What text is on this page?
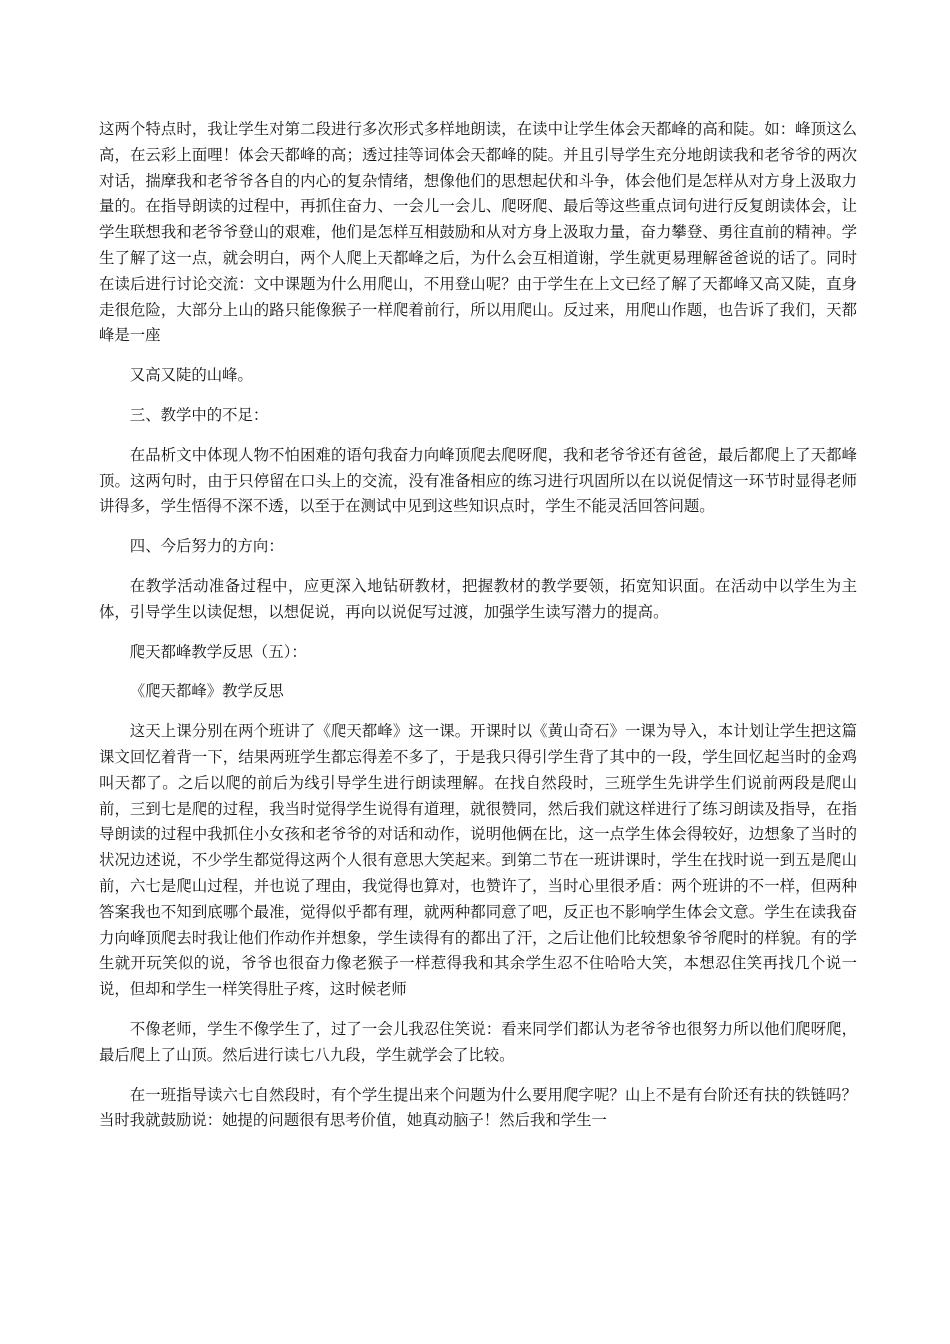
这两个特点时，我让学生对第二段进行多次形式多样地朗读，在读中让学生体会天都峰的高和陡。如：峰顶这么高，在云彩上面哩！体会天都峰的高；透过挂等词体会天都峰的陡。并且引导学生充分地朗读我和老爷爷的两次对话，揣摩我和老爷爷各自的内心的复杂情绪，想像他们的思想起伏和斗争，体会他们是怎样从对方身上汲取力量的。在指导朗读的过程中，再抓住奋力、一会儿一会儿、爬呀爬、最后等这些重点词句进行反复朗读体会，让学生联想我和老爷爷登山的艰难，他们是怎样互相鼓励和从对方身上汲取力量，奋力攀登、勇往直前的精神。学生了解了这一点，就会明白，两个人爬上天都峰之后，为什么会互相道谢，学生就更易理解爸爸说的话了。同时在读后进行讨论交流：文中课题为什么用爬山，不用登山呢？由于学生在上文已经了解了天都峰又高又陡，直身走很危险，大部分上山的路只能像猴子一样爬着前行，所以用爬山。反过来，用爬山作题，也告诉了我们，天都峰是一座

又高又陡的山峰。

三、教学中的不足：

在品析文中体现人物不怕困难的语句我奋力向峰顶爬去爬呀爬，我和老爷爷还有爸爸，最后都爬上了天都峰顶。这两句时，由于只停留在口头上的交流，没有准备相应的练习进行巩固所以在以说促情这一环节时显得老师讲得多，学生悟得不深不透，以至于在测试中见到这些知识点时，学生不能灵活回答问题。

四、今后努力的方向：

在教学活动准备过程中，应更深入地钻研教材，把握教材的教学要领，拓宽知识面。在活动中以学生为主体，引导学生以读促想，以想促说，再向以说促写过渡，加强学生读写潜力的提高。

爬天都峰教学反思（五）：

《爬天都峰》教学反思

这天上课分别在两个班讲了《爬天都峰》这一课。开课时以《黄山奇石》一课为导入，本计划让学生把这篇课文回忆着背一下，结果两班学生都忘得差不多了，于是我只得引学生背了其中的一段，学生回忆起当时的金鸡叫天都了。之后以爬的前后为线引导学生进行朗读理解。在找自然段时，三班学生先讲学生们说前两段是爬山前，三到七是爬的过程，我当时觉得学生说得有道理，就很赞同，然后我们就这样进行了练习朗读及指导，在指导朗读的过程中我抓住小女孩和老爷爷的对话和动作，说明他俩在比，这一点学生体会得较好，边想象了当时的状况边述说，不少学生都觉得这两个人很有意思大笑起来。到第二节在一班讲课时，学生在找时说一到五是爬山前，六七是爬山过程，并也说了理由，我觉得也算对，也赞许了，当时心里很矛盾：两个班讲的不一样，但两种答案我也不知到底哪个最准，觉得似乎都有理，就两种都同意了吧，反正也不影响学生体会文意。学生在读我奋力向峰顶爬去时我让他们作动作并想象，学生读得有的都出了汗，之后让他们比较想象爷爷爬时的样貌。有的学生就开玩笑似的说，爷爷也很奋力像老猴子一样惹得我和其余学生忍不住哈哈大笑，本想忍住笑再找几个说一说，但却和学生一样笑得肚子疼，这时候老师

不像老师，学生不像学生了，过了一会儿我忍住笑说：看来同学们都认为老爷爷也很努力所以他们爬呀爬，最后爬上了山顶。然后进行读七八九段，学生就学会了比较。

在一班指导读六七自然段时，有个学生提出来个问题为什么要用爬字呢？山上不是有台阶还有扶的铁链吗？当时我就鼓励说：她提的问题很有思考价值，她真动脑子！然后我和学生一
